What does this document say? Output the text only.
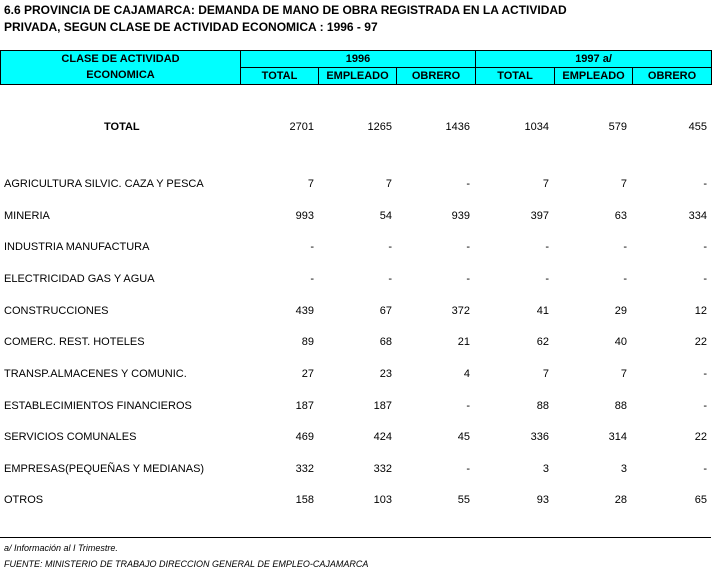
6.6 PROVINCIA DE CAJAMARCA: DEMANDA DE MANO DE OBRA REGISTRADA EN LA ACTIVIDAD
PRIVADA, SEGUN CLASE DE ACTIVIDAD ECONOMICA : 1996 - 97
CLASE DE ACTIVIDAD	1996			1997 a/		
ECONOMICA	TOTAL	EMPLEADO	OBRERO	TOTAL	EMPLEADO	OBRERO
TOTAL	2701	1265	1436	1034	579	455
AGRICULTURA SILVIC. CAZA Y PESCA	7	7	-	7	7	-
MINERIA	993	54	939	397	63	334
INDUSTRIA MANUFACTURA	-	-	-	-	-	-
ELECTRICIDAD GAS Y AGUA	-	-	-	-	-	-
CONSTRUCCIONES	439	67	372	41	29	12
COMERC. REST. HOTELES	89	68	21	62	40	22
TRANSP.ALMACENES Y COMUNIC.	27	23	4	7	7	-
ESTABLECIMIENTOS FINANCIEROS	187	187	-	88	88	-
SERVICIOS COMUNALES	469	424	45	336	314	22
EMPRESAS(PEQUEÑAS Y MEDIANAS)	332	332	-	3	3	-
OTROS	158	103	55	93	28	65
a/ Información al I Trimestre.
FUENTE: MINISTERIO DE TRABAJO DIRECCION GENERAL DE EMPLEO-CAJAMARCA
